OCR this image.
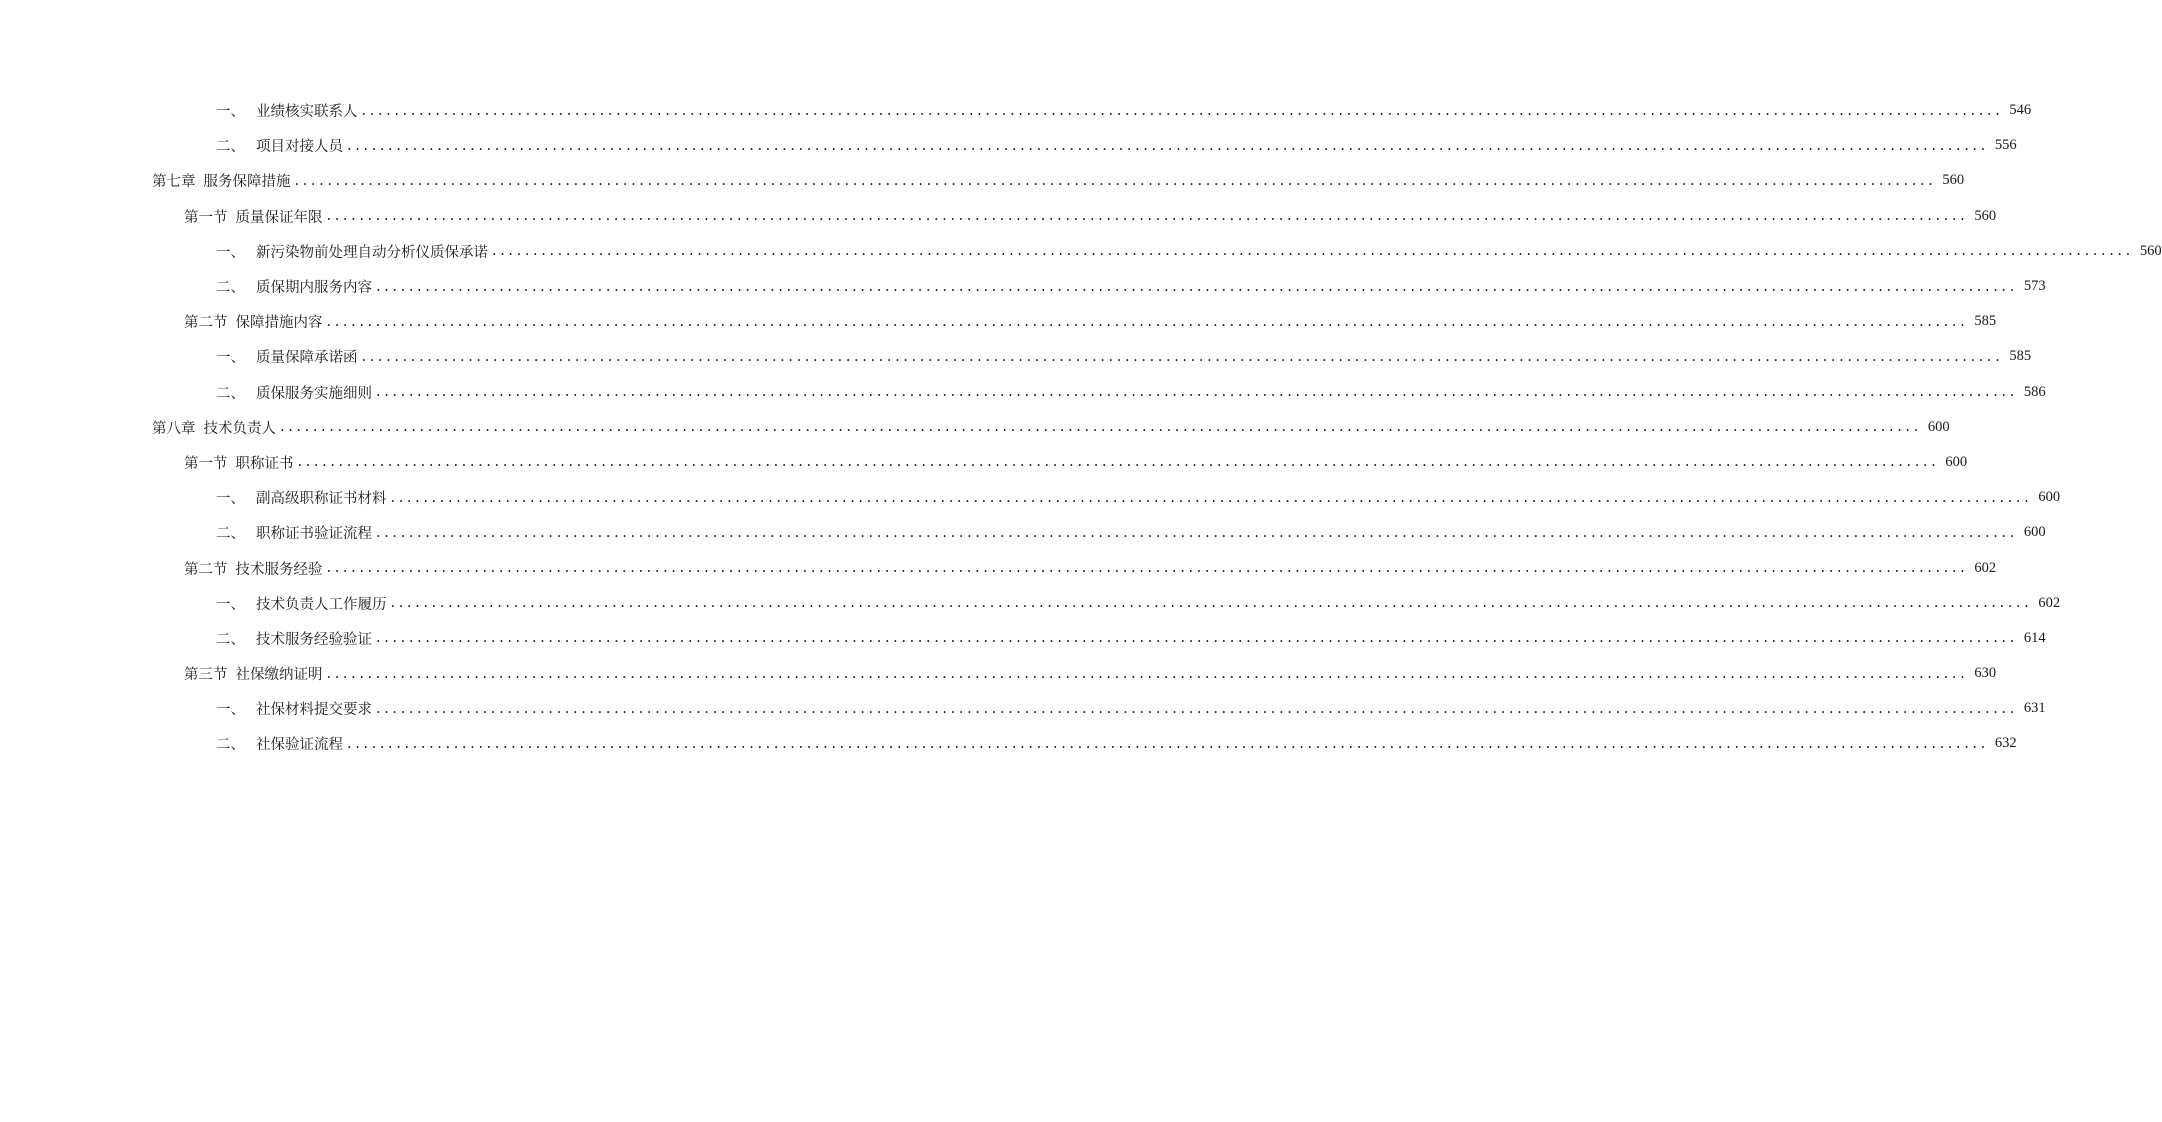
一、 业绩核实联系人 ........................................................................................................................................................................................................ 546
二、 项目对接人员 ........................................................................................................................................................................................................ 556
第七章 服务保障措施 ........................................................................................................................................................................................................ 560
第一节 质量保证年限 ........................................................................................................................................................................................................ 560
一、 新污染物前处理自动分析仪质保承诺 ........................................................................................................................................................................................................ 560
二、 质保期内服务内容 ........................................................................................................................................................................................................ 573
第二节 保障措施内容 ........................................................................................................................................................................................................ 585
一、 质量保障承诺函 ........................................................................................................................................................................................................ 585
二、 质保服务实施细则 ........................................................................................................................................................................................................ 586
第八章 技术负责人 ........................................................................................................................................................................................................ 600
第一节 职称证书 ........................................................................................................................................................................................................ 600
一、 副高级职称证书材料 ........................................................................................................................................................................................................ 600
二、 职称证书验证流程 ........................................................................................................................................................................................................ 600
第二节 技术服务经验 ........................................................................................................................................................................................................ 602
一、 技术负责人工作履历 ........................................................................................................................................................................................................ 602
二、 技术服务经验验证 ........................................................................................................................................................................................................ 614
第三节 社保缴纳证明 ........................................................................................................................................................................................................ 630
一、 社保材料提交要求 ........................................................................................................................................................................................................ 631
二、 社保验证流程 ........................................................................................................................................................................................................ 632
